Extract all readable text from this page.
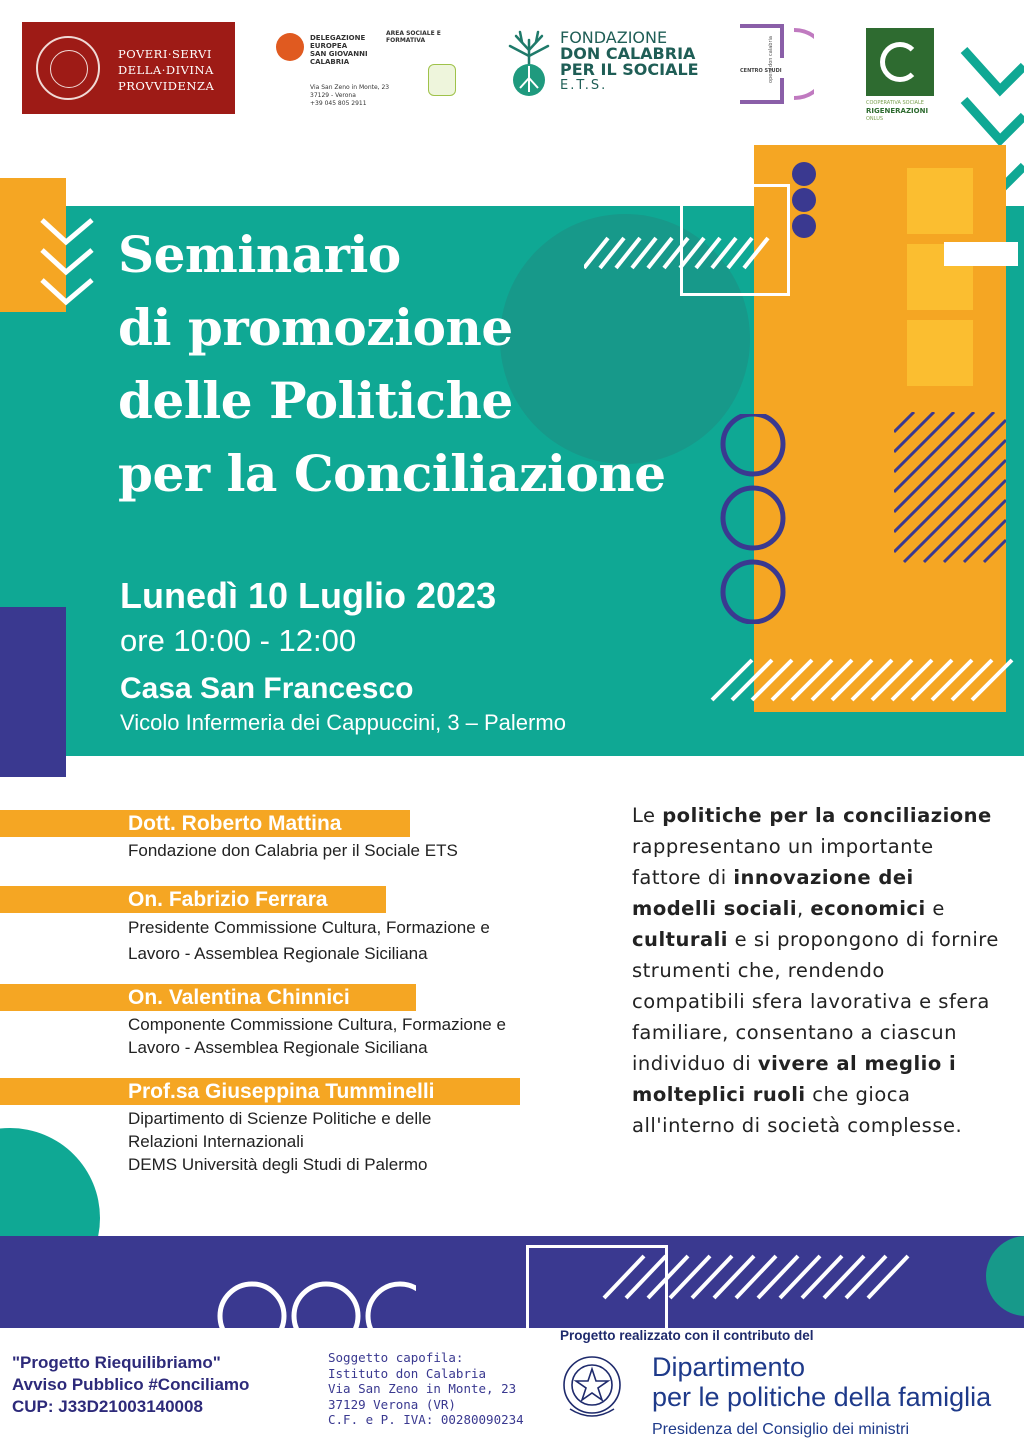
POVERI·SERVI
DELLA·DIVINA
PROVVIDENZA
DELEGAZIONE
EUROPEA
SAN GIOVANNI
CALABRIA
AREA SOCIALE E FORMATIVA
Via San Zeno in Monte, 23
37129 - Verona
+39 045 805 2911
FONDAZIONE
DON CALABRIA
PER IL SOCIALE
E.T.S.
CENTRO STUDI
opera don calabria
COOPERATIVA SOCIALE
RIGENERAZIONI
ONLUS
Seminario
di promozione
delle Politiche
per la Conciliazione
Lunedì 10 Luglio 2023
ore 10:00 - 12:00
Casa San Francesco
Vicolo Infermeria dei Cappuccini, 3 – Palermo
Dott. Roberto Mattina
Fondazione don Calabria per il Sociale ETS
On. Fabrizio Ferrara
Presidente Commissione Cultura, Formazione e
Lavoro - Assemblea Regionale Siciliana
On. Valentina Chinnici
Componente Commissione Cultura, Formazione e
Lavoro - Assemblea Regionale Siciliana
Prof.sa Giuseppina Tumminelli
Dipartimento di Scienze Politiche e delle
Relazioni Internazionali
DEMS Università degli Studi di Palermo
Le politiche per la conciliazione rappresentano un importante fattore di innovazione dei modelli sociali, economici e culturali e si propongono di fornire strumenti che, rendendo compatibili sfera lavorativa e sfera familiare, consentano a ciascun individuo di vivere al meglio i molteplici ruoli che gioca all'interno di società complesse.
"Progetto Riequilibriamo"
Avviso Pubblico #Conciliamo
CUP: J33D21003140008
Soggetto capofila:
Istituto don Calabria
Via San Zeno in Monte, 23
37129 Verona (VR)
C.F. e P. IVA: 00280090234
Progetto realizzato con il contributo del
Dipartimento
per le politiche della famiglia
Presidenza del Consiglio dei ministri
